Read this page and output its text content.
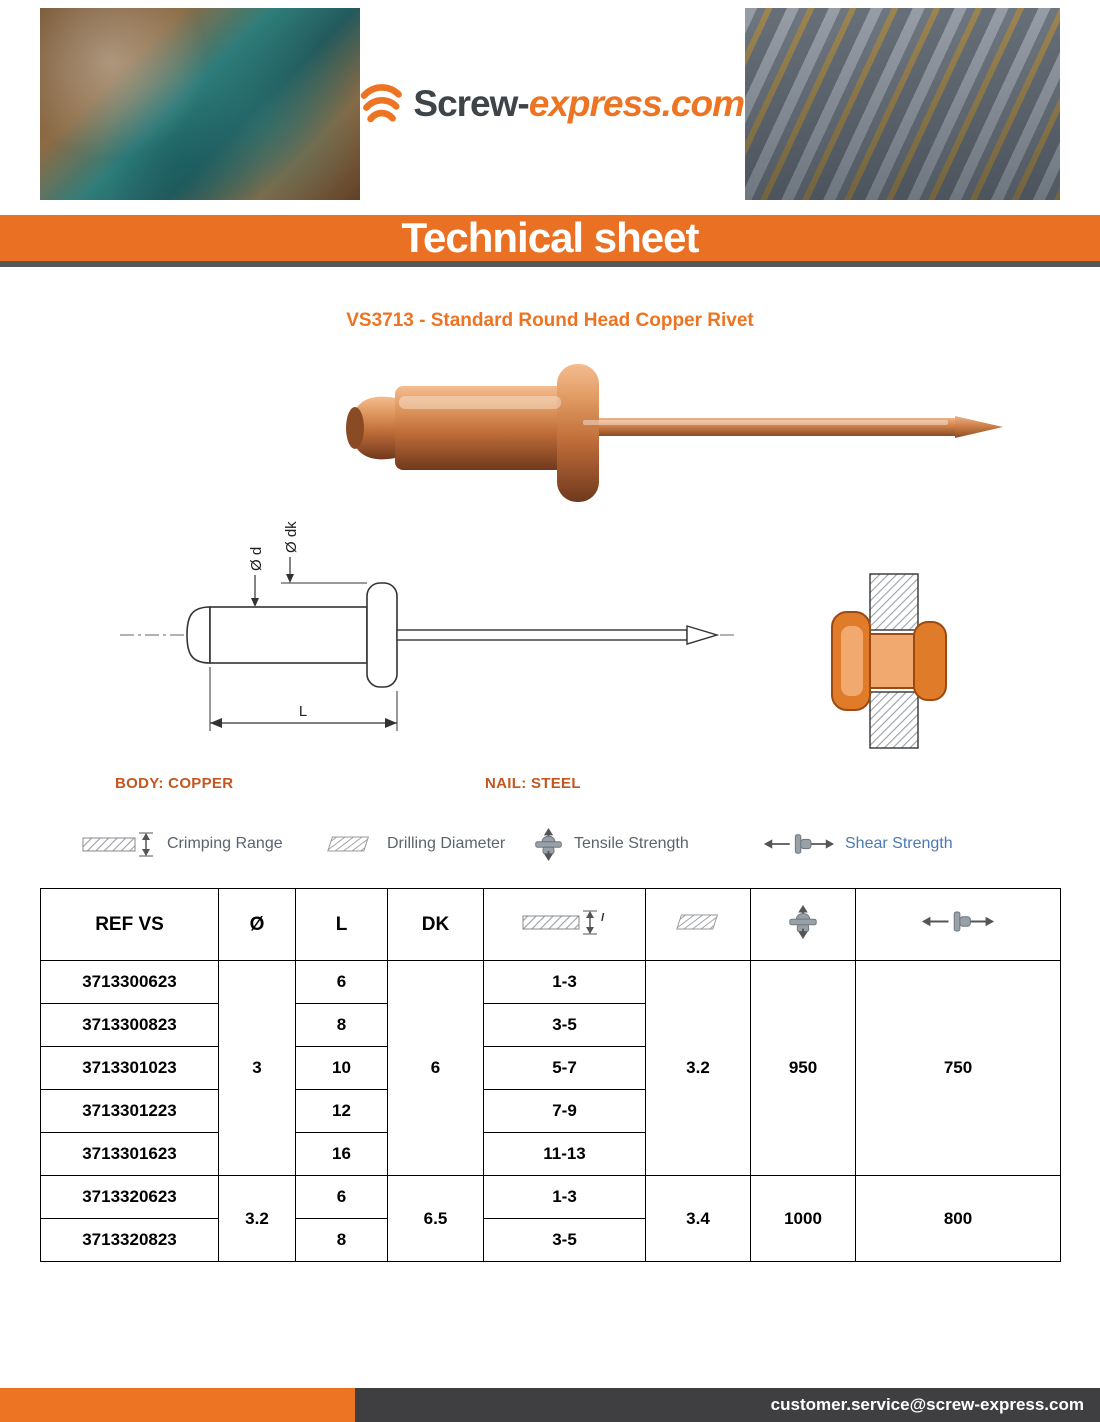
Screw-express.com
Technical sheet
VS3713 - Standard Round Head Copper Rivet
Ø d
Ø dk
L
BODY: COPPER	NAIL: STEEL
Crimping Range	Drilling Diameter	Tensile Strength	Shear Strength
REF VS	Ø	L	DK	l

3713300623	3	6	6	1-3	3.2	950	750
3713300823		8		3-5			
3713301023		10		5-7			
3713301223		12		7-9			
3713301623		16		11-13			
3713320623	3.2	6	6.5	1-3	3.4	1000	800
3713320823		8		3-5			
customer.service@screw-express.com
